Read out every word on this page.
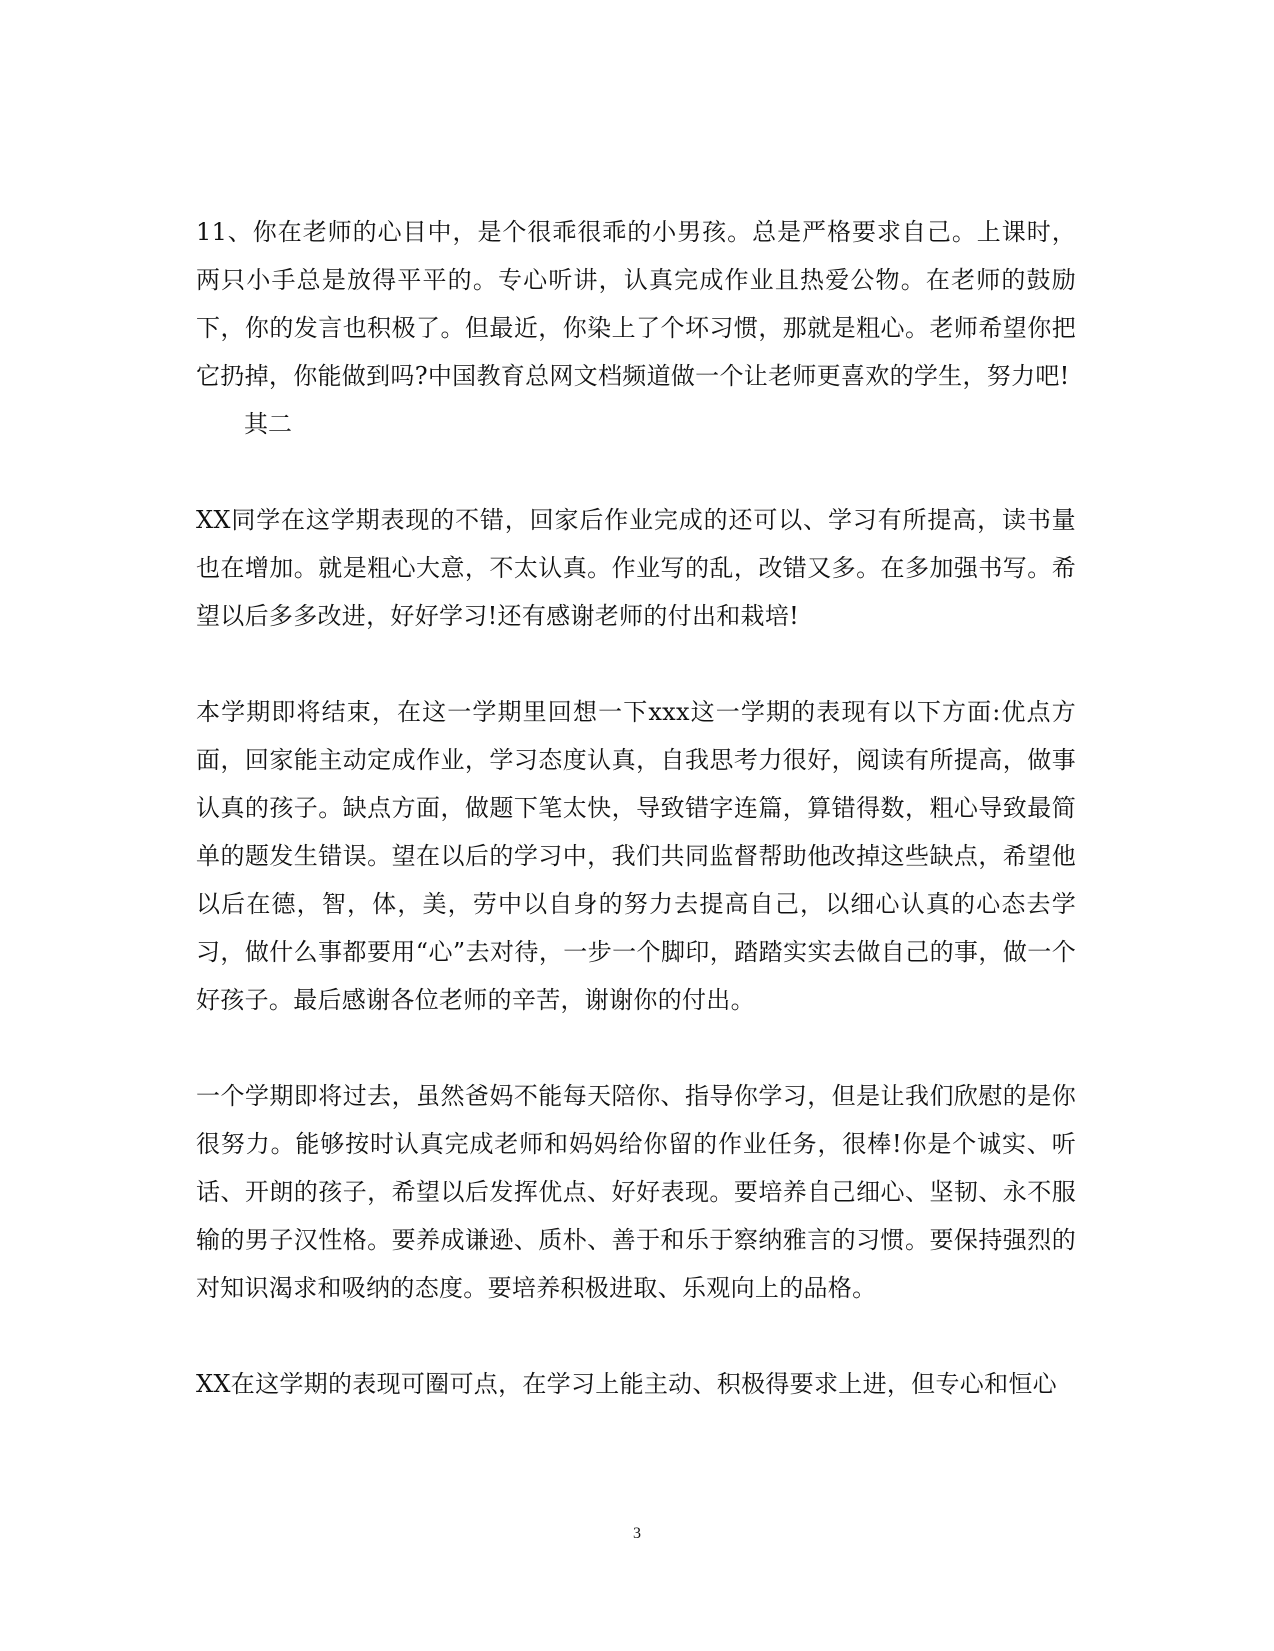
11、你在老师的心目中，是个很乖很乖的小男孩。总是严格要求自己。上课时，两只小手总是放得平平的。专心听讲，认真完成作业且热爱公物。在老师的鼓励下，你的发言也积极了。但最近，你染上了个坏习惯，那就是粗心。老师希望你把它扔掉，你能做到吗?中国教育总网文档频道做一个让老师更喜欢的学生，努力吧!

其二

XX同学在这学期表现的不错，回家后作业完成的还可以、学习有所提高，读书量也在增加。就是粗心大意，不太认真。作业写的乱，改错又多。在多加强书写。希望以后多多改进，好好学习!还有感谢老师的付出和栽培!

本学期即将结束，在这一学期里回想一下xxx这一学期的表现有以下方面:优点方面，回家能主动定成作业，学习态度认真，自我思考力很好，阅读有所提高，做事认真的孩子。缺点方面，做题下笔太快，导致错字连篇，算错得数，粗心导致最简单的题发生错误。望在以后的学习中，我们共同监督帮助他改掉这些缺点，希望他以后在德，智，体，美，劳中以自身的努力去提高自己，以细心认真的心态去学习，做什么事都要用“心”去对待，一步一个脚印，踏踏实实去做自己的事，做一个好孩子。最后感谢各位老师的辛苦，谢谢你的付出。

一个学期即将过去，虽然爸妈不能每天陪你、指导你学习，但是让我们欣慰的是你很努力。能够按时认真完成老师和妈妈给你留的作业任务，很棒!你是个诚实、听话、开朗的孩子，希望以后发挥优点、好好表现。要培养自己细心、坚韧、永不服输的男子汉性格。要养成谦逊、质朴、善于和乐于察纳雅言的习惯。要保持强烈的对知识渴求和吸纳的态度。要培养积极进取、乐观向上的品格。

XX在这学期的表现可圈可点，在学习上能主动、积极得要求上进，但专心和恒心

3
